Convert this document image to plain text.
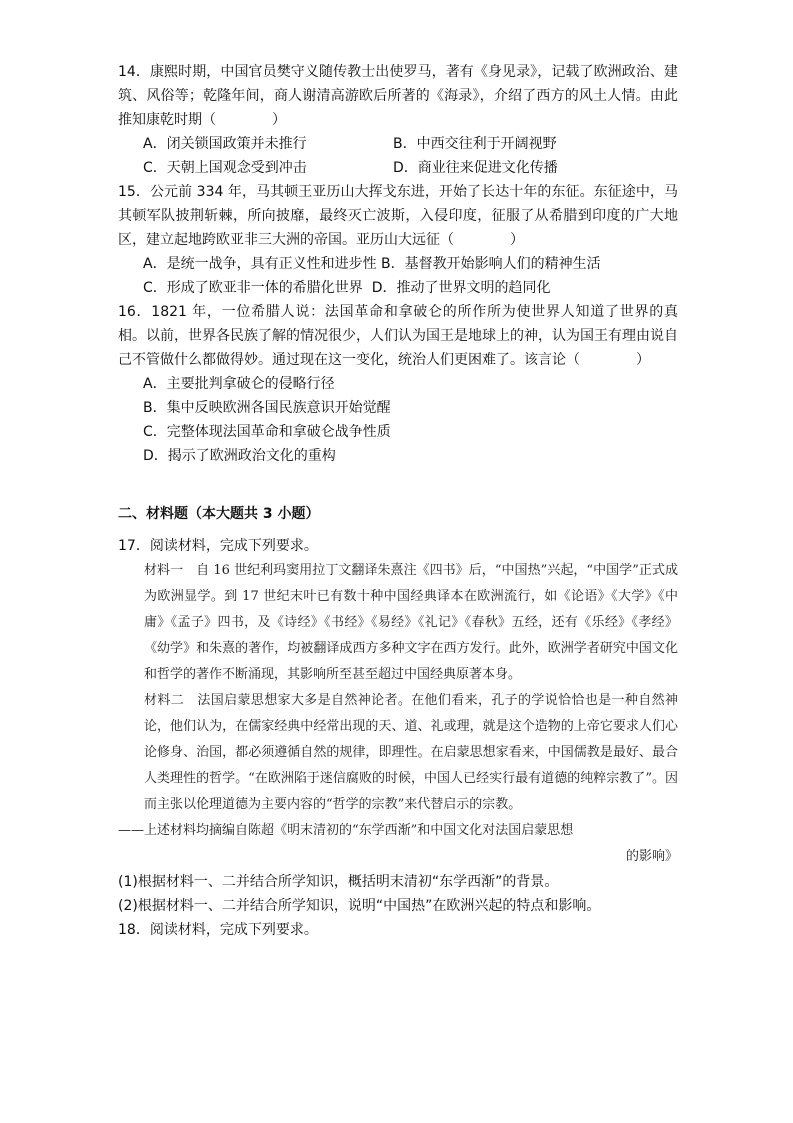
14．康熙时期，中国官员樊守义随传教士出使罗马，著有《身见录》，记载了欧洲政治、建筑、风俗等；乾隆年间，商人谢清高游欧后所著的《海录》，介绍了西方的风土人情。由此推知康乾时期（　　　　）
A．闭关锁国政策并未推行	B．中西交往利于开阔视野
C．天朝上国观念受到冲击	D．商业往来促进文化传播
15．公元前 334 年，马其顿王亚历山大挥戈东进，开始了长达十年的东征。东征途中，马其顿军队披荆斩棘，所向披靡，最终灭亡波斯，入侵印度，征服了从希腊到印度的广大地区，建立起地跨欧亚非三大洲的帝国。亚历山大远征（　　　　）
A．是统一战争，具有正义性和进步性 B．基督教开始影响人们的精神生活
C．形成了欧亚非一体的希腊化世界 D．推动了世界文明的趋同化
16．1821 年，一位希腊人说：法国革命和拿破仑的所作所为使世界人知道了世界的真相。以前，世界各民族了解的情况很少，人们认为国王是地球上的神，认为国王有理由说自己不管做什么都做得妙。通过现在这一变化，统治人们更困难了。该言论（　　　　）
A．主要批判拿破仑的侵略行径
B．集中反映欧洲各国民族意识开始觉醒
C．完整体现法国革命和拿破仑战争性质
D．揭示了欧洲政治文化的重构
二、材料题（本大题共 3 小题）
17．阅读材料，完成下列要求。
材料一　自 16 世纪利玛窦用拉丁文翻译朱熹注《四书》后，“中国热”兴起，“中国学”正式成为欧洲显学。到 17 世纪末叶已有数十种中国经典译本在欧洲流行，如《论语》《大学》《中庸》《孟子》四书，及《诗经》《书经》《易经》《礼记》《春秋》五经，还有《乐经》《孝经》《幼学》和朱熹的著作，均被翻译成西方多种文字在西方发行。此外，欧洲学者研究中国文化和哲学的著作不断涌现，其影响所至甚至超过中国经典原著本身。
材料二　法国启蒙思想家大多是自然神论者。在他们看来，孔子的学说恰恰也是一种自然神论，他们认为，在儒家经典中经常出现的天、道、礼或理，就是这个造物的上帝它要求人们心论修身、治国，都必须遵循自然的规律，即理性。在启蒙思想家看来，中国儒教是最好、最合人类理性的哲学。“在欧洲陷于迷信腐败的时候，中国人已经实行最有道德的纯粹宗教了”。因而主张以伦理道德为主要内容的“哲学的宗教”来代替启示的宗教。
——上述材料均摘编自陈超《明末清初的“东学西渐”和中国文化对法国启蒙思想
的影响》
(1)根据材料一、二并结合所学知识，概括明末清初“东学西渐”的背景。
(2)根据材料一、二并结合所学知识，说明“中国热”在欧洲兴起的特点和影响。
18．阅读材料，完成下列要求。
